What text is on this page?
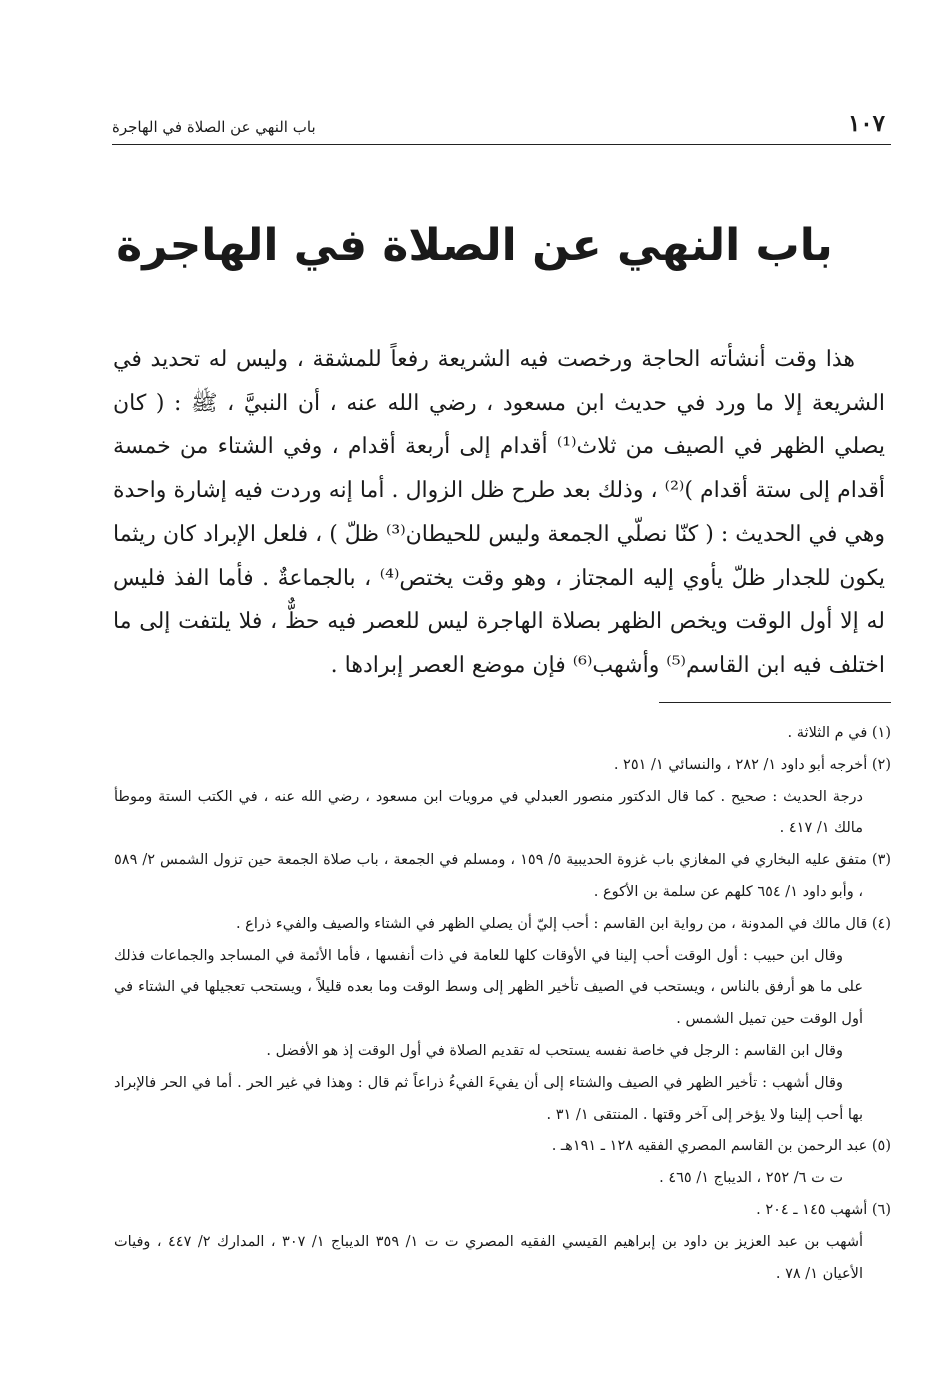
١٠٧
باب النهي عن الصلاة في الهاجرة
باب النهي عن الصلاة في الهاجرة

هذا وقت أنشأته الحاجة ورخصت فيه الشريعة رفعاً للمشقة ، وليس له تحديد في الشريعة إلا ما ورد في حديث ابن مسعود ، رضي الله عنه ، أن النبيَّ ، ﷺ : ( كان يصلي الظهر في الصيف من ثلاث⁽¹⁾ أقدام إلى أربعة أقدام ، وفي الشتاء من خمسة أقدام إلى ستة أقدام )⁽²⁾ ، وذلك بعد طرح ظل الزوال . أما إنه وردت فيه إشارة واحدة وهي في الحديث : ( كنّا نصلّي الجمعة وليس للحيطان⁽³⁾ ظلّ ) ، فلعل الإبراد كان ريثما يكون للجدار ظلّ يأوي إليه المجتاز ، وهو وقت يختص⁽⁴⁾ ، بالجماعةٌ . فأما الفذ فليس له إلا أول الوقت ويخص الظهر بصلاة الهاجرة ليس للعصر فيه حظٌّ ، فلا يلتفت إلى ما اختلف فيه ابن القاسم⁽⁵⁾ وأشهب⁽⁶⁾ فإن موضع العصر إبرادها .

(١) في م الثلاثة .

(٢) أخرجه أبو داود ١/ ٢٨٢ ، والنسائي ١/ ٢٥١ .

درجة الحديث : صحيح . كما قال الدكتور منصور العبدلي في مرويات ابن مسعود ، رضي الله عنه ، في الكتب الستة وموطأ مالك ١/ ٤١٧ .

(٣) متفق عليه البخاري في المغازي باب غزوة الحديبية ٥/ ١٥٩ ، ومسلم في الجمعة ، باب صلاة الجمعة حين تزول الشمس ٢/ ٥٨٩ ، وأبو داود ١/ ٦٥٤ كلهم عن سلمة بن الأكوع .

(٤) قال مالك في المدونة ، من رواية ابن القاسم : أحب إليّ أن يصلي الظهر في الشتاء والصيف والفيء ذراع .

وقال ابن حبيب : أول الوقت أحب إلينا في الأوقات كلها للعامة في ذات أنفسها ، فأما الأئمة في المساجد والجماعات فذلك على ما هو أرفق بالناس ، ويستحب في الصيف تأخير الظهر إلى وسط الوقت وما بعده قليلاً ، ويستحب تعجيلها في الشتاء في أول الوقت حين تميل الشمس .

وقال ابن القاسم : الرجل في خاصة نفسه يستحب له تقديم الصلاة في أول الوقت إذ هو الأفضل .

وقال أشهب : تأخير الظهر في الصيف والشتاء إلى أن يفيءَ الفيءُ ذراعاً ثم قال : وهذا في غير الحر . أما في الحر فالإبراد بها أحب إلينا ولا يؤخر إلى آخر وقتها . المنتقى ١/ ٣١ .

(٥) عبد الرحمن بن القاسم المصري الفقيه ١٢٨ ـ ١٩١هـ .

ت ت ٦/ ٢٥٢ ، الديباج ١/ ٤٦٥ .

(٦) أشهب ١٤٥ ـ ٢٠٤ .

أشهب بن عبد العزيز بن داود بن إبراهيم القيسي الفقيه المصري ت ت ١/ ٣٥٩ الديباج ١/ ٣٠٧ ، المدارك ٢/ ٤٤٧ ، وفيات الأعيان ١/ ٧٨ .
